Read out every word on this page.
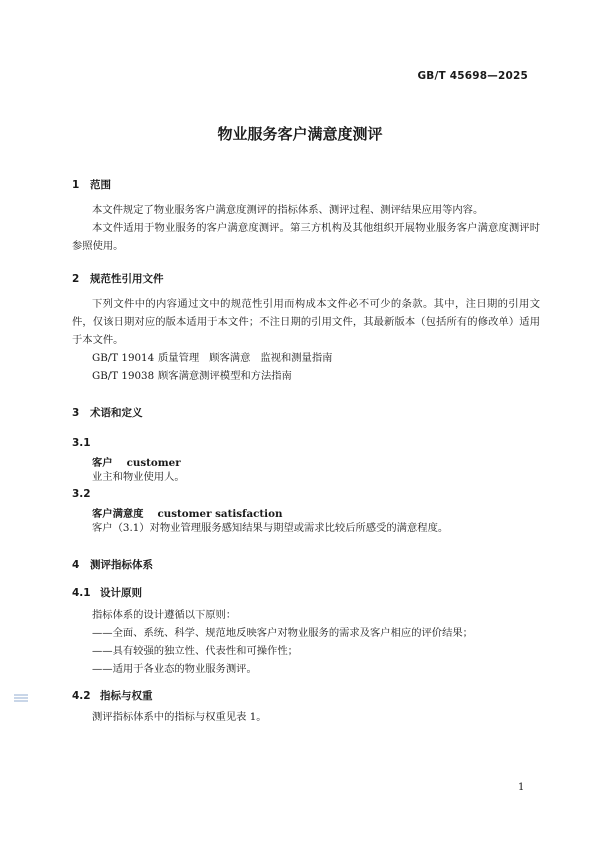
GB/T 45698—2025
物业服务客户满意度测评
1 范围
本文件规定了物业服务客户满意度测评的指标体系、测评过程、测评结果应用等内容。
本文件适用于物业服务的客户满意度测评。第三方机构及其他组织开展物业服务客户满意度测评时参照使用。
2 规范性引用文件
下列文件中的内容通过文中的规范性引用而构成本文件必不可少的条款。其中，注日期的引用文件，仅该日期对应的版本适用于本文件；不注日期的引用文件，其最新版本（包括所有的修改单）适用于本文件。
GB/T 19014 质量管理 顾客满意 监视和测量指南
GB/T 19038 顾客满意测评模型和方法指南
3 术语和定义
3.1
客户 customer
业主和物业使用人。
3.2
客户满意度 customer satisfaction
客户（3.1）对物业管理服务感知结果与期望或需求比较后所感受的满意程度。
4 测评指标体系
4.1 设计原则
指标体系的设计遵循以下原则：
——全面、系统、科学、规范地反映客户对物业服务的需求及客户相应的评价结果；
——具有较强的独立性、代表性和可操作性；
——适用于各业态的物业服务测评。
4.2 指标与权重
测评指标体系中的指标与权重见表 1。
1
